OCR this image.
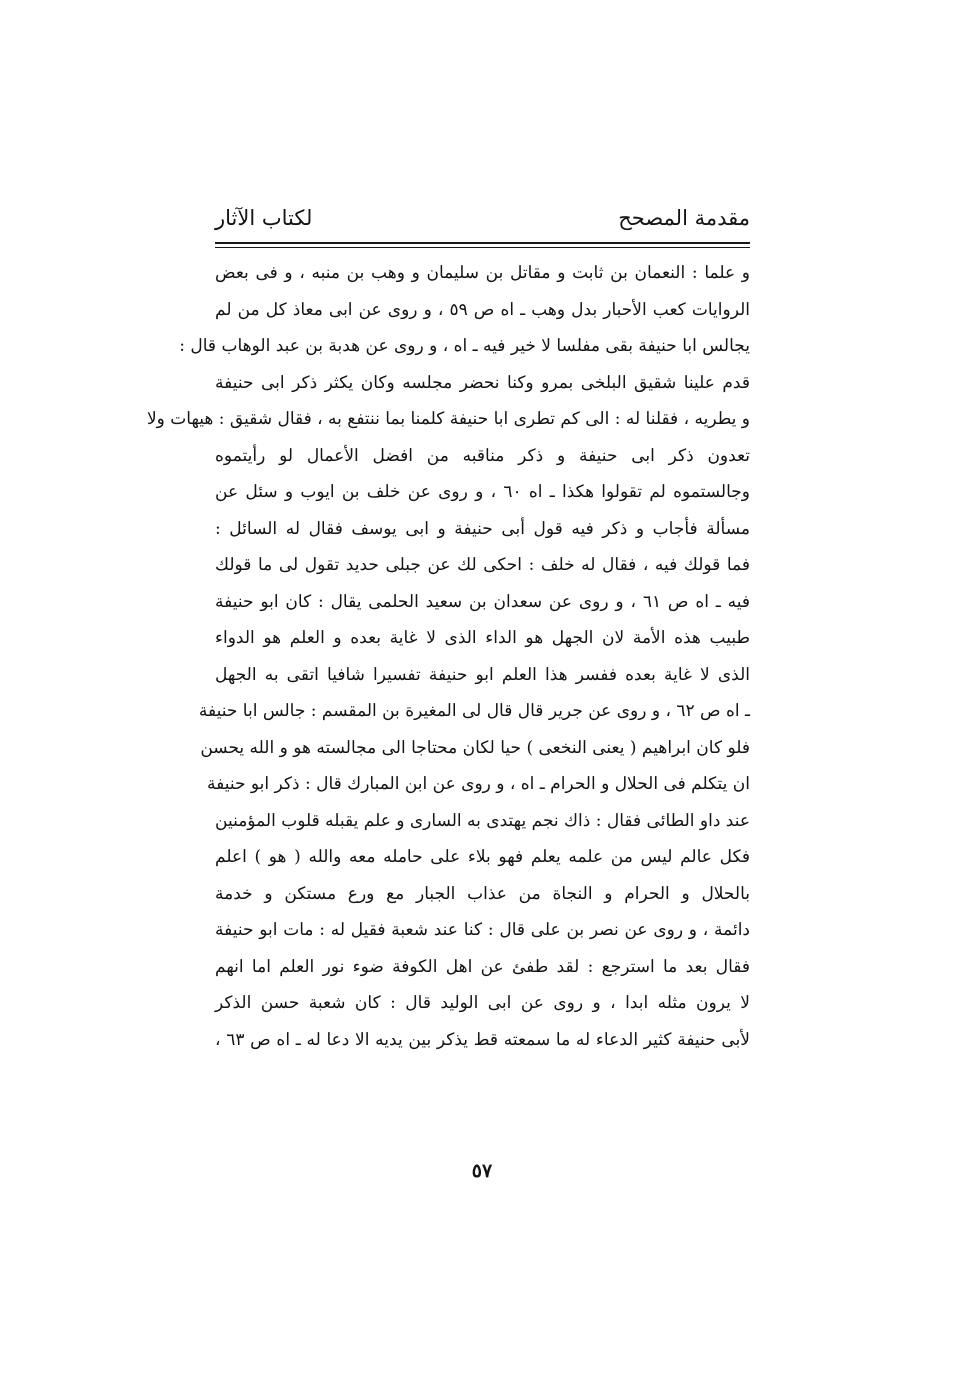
مقدمة المصحح
لكتاب الآثار
و علما : النعمان بن ثابت و مقاتل بن سليمان و وهب بن منبه ، و فى بعض
الروايات كعب الأحبار بدل وهب ـ اه ص ٥٩ ، و روى عن ابى معاذ كل من لم
يجالس ابا حنيفة بقى مفلسا لا خير فيه ـ اه ، و روى عن هدبة بن عبد الوهاب قال :
قدم علينا شقيق البلخى بمرو وكنا نحضر مجلسه وكان يكثر ذكر ابى حنيفة
و يطريه ، فقلنا له : الى كم تطرى ابا حنيفة كلمنا بما ننتفع به ، فقال شقيق : هيهات ولا
تعدون ذكر ابى حنيفة و ذكر مناقبه من افضل الأعمال لو رأيتموه
وجالستموه لم تقولوا هكذا ـ اه ٦٠ ، و روى عن خلف بن ايوب و سئل عن
مسألة فأجاب و ذكر فيه قول أبى حنيفة و ابى يوسف فقال له السائل :
فما قولك فيه ، فقال له خلف : احكى لك عن جبلى حديد تقول لى ما قولك
فيه ـ اه ص ٦١ ، و روى عن سعدان بن سعيد الحلمى يقال : كان ابو حنيفة
طبيب هذه الأمة لان الجهل هو الداء الذى لا غاية بعده و العلم هو الدواء
الذى لا غاية بعده ففسر هذا العلم ابو حنيفة تفسيرا شافيا اتقى به الجهل
ـ اه ص ٦٢ ، و روى عن جرير قال قال لى المغيرة بن المقسم : جالس ابا حنيفة
فلو كان ابراهيم ( يعنى النخعى ) حيا لكان محتاجا الى مجالسته هو و الله يحسن
ان يتكلم فى الحلال و الحرام ـ اه ، و روى عن ابن المبارك قال : ذكر ابو حنيفة
عند داو الطائى فقال : ذاك نجم يهتدى به السارى و علم يقبله قلوب المؤمنين
فكل عالم ليس من علمه يعلم فهو بلاء على حامله معه والله ( هو ) اعلم
بالحلال و الحرام و النجاة من عذاب الجبار مع ورع مستكن و خدمة
دائمة ، و روى عن نصر بن على قال : كنا عند شعبة فقيل له : مات ابو حنيفة
فقال بعد ما استرجع : لقد طفئ عن اهل الكوفة ضوء نور العلم اما انهم
لا يرون مثله ابدا ، و روى عن ابى الوليد قال : كان شعبة حسن الذكر
لأبى حنيفة كثير الدعاء له ما سمعته قط يذكر بين يديه الا دعا له ـ اه ص ٦٣ ،
٥٧
